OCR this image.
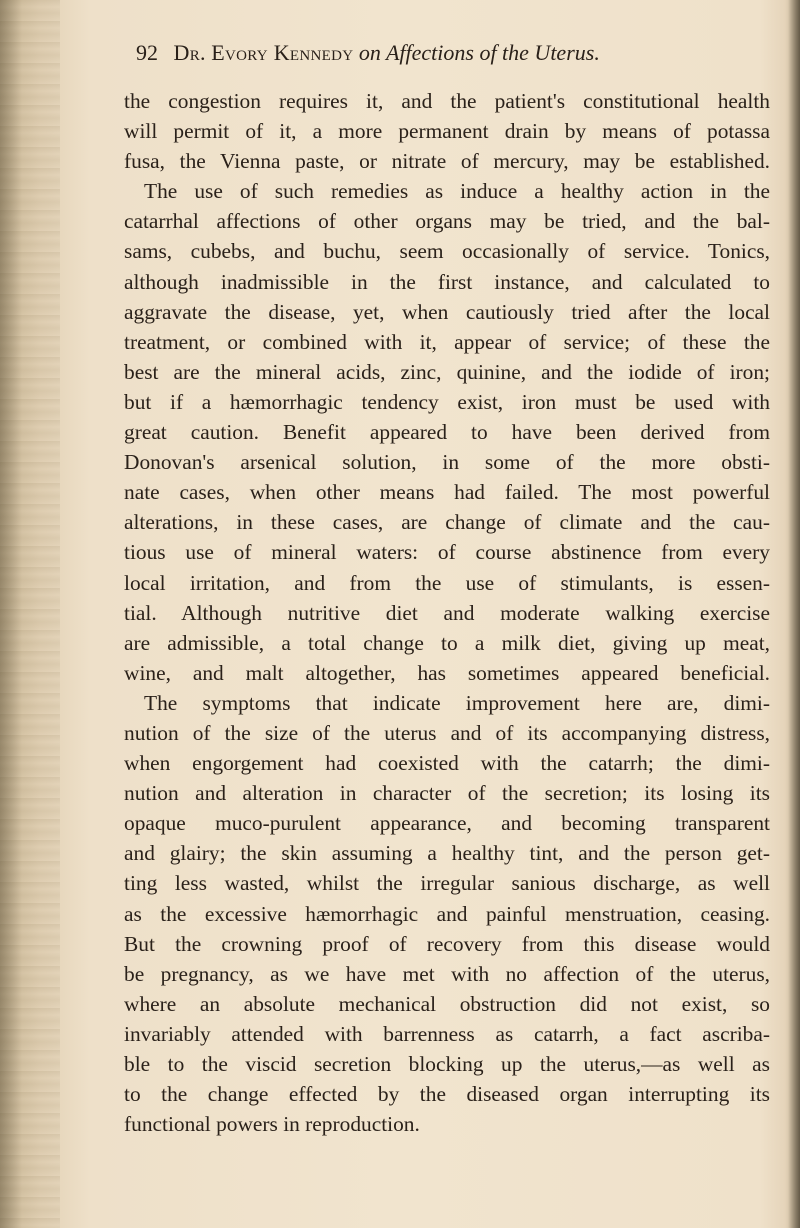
92 Dr. Evory Kennedy on Affections of the Uterus.
the congestion requires it, and the patient's constitutional health
will permit of it, a more permanent drain by means of potassa
fusa, the Vienna paste, or nitrate of mercury, may be established.
The use of such remedies as induce a healthy action in the
catarrhal affections of other organs may be tried, and the bal-
sams, cubebs, and buchu, seem occasionally of service. Tonics,
although inadmissible in the first instance, and calculated to
aggravate the disease, yet, when cautiously tried after the local
treatment, or combined with it, appear of service; of these the
best are the mineral acids, zinc, quinine, and the iodide of iron;
but if a hæmorrhagic tendency exist, iron must be used with
great caution. Benefit appeared to have been derived from
Donovan's arsenical solution, in some of the more obsti-
nate cases, when other means had failed. The most powerful
alterations, in these cases, are change of climate and the cau-
tious use of mineral waters: of course abstinence from every
local irritation, and from the use of stimulants, is essen-
tial. Although nutritive diet and moderate walking exercise
are admissible, a total change to a milk diet, giving up meat,
wine, and malt altogether, has sometimes appeared beneficial.
The symptoms that indicate improvement here are, dimi-
nution of the size of the uterus and of its accompanying distress,
when engorgement had coexisted with the catarrh; the dimi-
nution and alteration in character of the secretion; its losing its
opaque muco-purulent appearance, and becoming transparent
and glairy; the skin assuming a healthy tint, and the person get-
ting less wasted, whilst the irregular sanious discharge, as well
as the excessive hæmorrhagic and painful menstruation, ceasing.
But the crowning proof of recovery from this disease would
be pregnancy, as we have met with no affection of the uterus,
where an absolute mechanical obstruction did not exist, so
invariably attended with barrenness as catarrh, a fact ascriba-
ble to the viscid secretion blocking up the uterus,—as well as
to the change effected by the diseased organ interrupting its
functional powers in reproduction.
